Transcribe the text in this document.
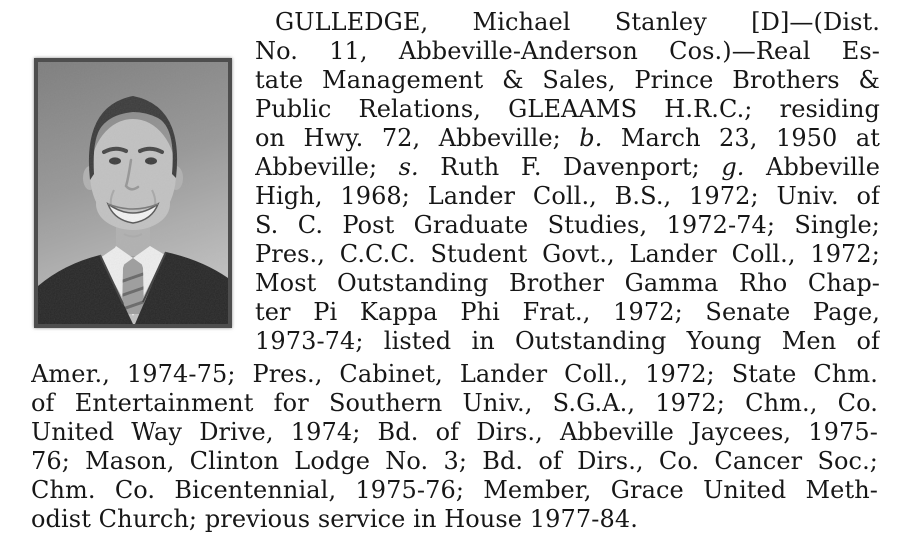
GULLEDGE, Michael Stanley [D]—(Dist.
No. 11, Abbeville-Anderson Cos.)—Real Es-
tate Management & Sales, Prince Brothers &
Public Relations, GLEAAMS H.R.C.; residing
on Hwy. 72, Abbeville; b. March 23, 1950 at
Abbeville; s. Ruth F. Davenport; g. Abbeville
High, 1968; Lander Coll., B.S., 1972; Univ. of
S. C. Post Graduate Studies, 1972-74; Single;
Pres., C.C.C. Student Govt., Lander Coll., 1972;
Most Outstanding Brother Gamma Rho Chap-
ter Pi Kappa Phi Frat., 1972; Senate Page,
1973-74; listed in Outstanding Young Men of
Amer., 1974-75; Pres., Cabinet, Lander Coll., 1972; State Chm.
of Entertainment for Southern Univ., S.G.A., 1972; Chm., Co.
United Way Drive, 1974; Bd. of Dirs., Abbeville Jaycees, 1975-
76; Mason, Clinton Lodge No. 3; Bd. of Dirs., Co. Cancer Soc.;
Chm. Co. Bicentennial, 1975-76; Member, Grace United Meth-
odist Church; previous service in House 1977-84.
